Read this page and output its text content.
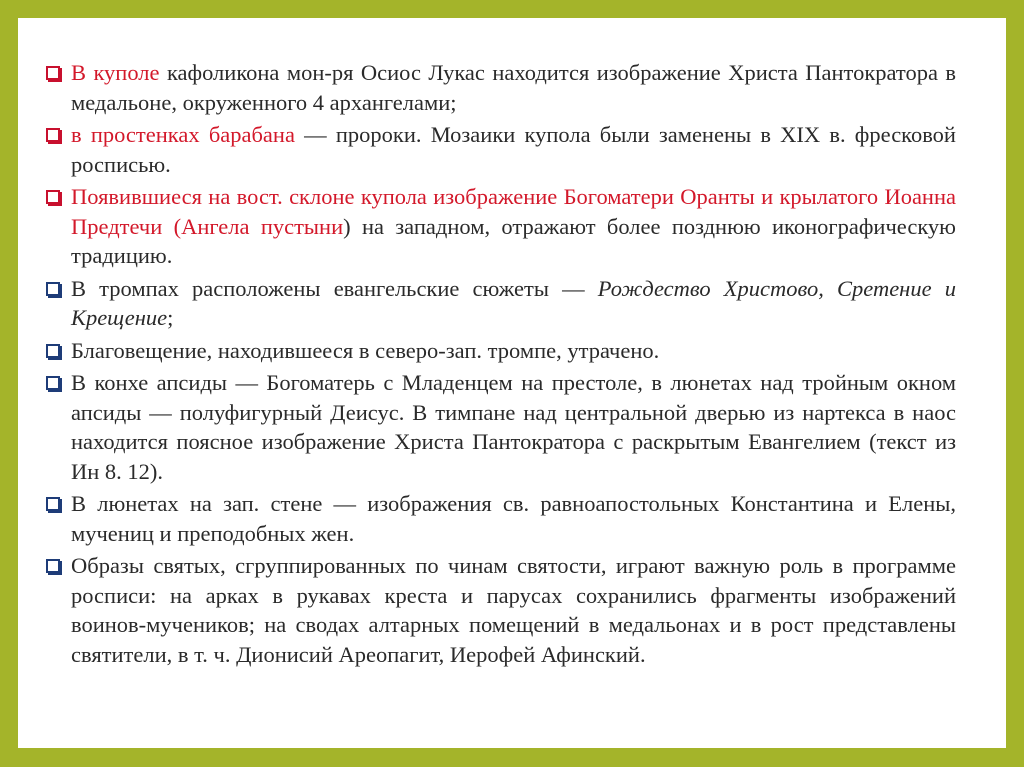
В куполе кафоликона мон-ря Осиос Лукас находится изображение Христа Пантократора в медальоне, окруженного 4 архангелами;
в простенках барабана — пророки. Мозаики купола были заменены в XIX в. фресковой росписью.
Появившиеся на вост. склоне купола изображение Богоматери Оранты и крылатого Иоанна Предтечи (Ангела пустыни) на западном, отражают более позднюю иконографическую традицию.
В тромпах расположены евангельские сюжеты — Рождество Христово, Сретение и Крещение;
Благовещение, находившееся в северо-зап. тромпе, утрачено.
В конхе апсиды — Богоматерь с Младенцем на престоле, в люнетах над тройным окном апсиды — полуфигурный Деисус. В тимпане над центральной дверью из нартекса в наос находится поясное изображение Христа Пантократора с раскрытым Евангелием (текст из Ин 8. 12).
В люнетах на зап. стене — изображения св. равноапостольных Константина и Елены, мучениц и преподобных жен.
Образы святых, сгруппированных по чинам святости, играют важную роль в программе росписи: на арках в рукавах креста и парусах сохранились фрагменты изображений воинов-мучеников; на сводах алтарных помещений в медальонах и в рост представлены святители, в т. ч. Дионисий Ареопагит, Иерофей Афинский.
